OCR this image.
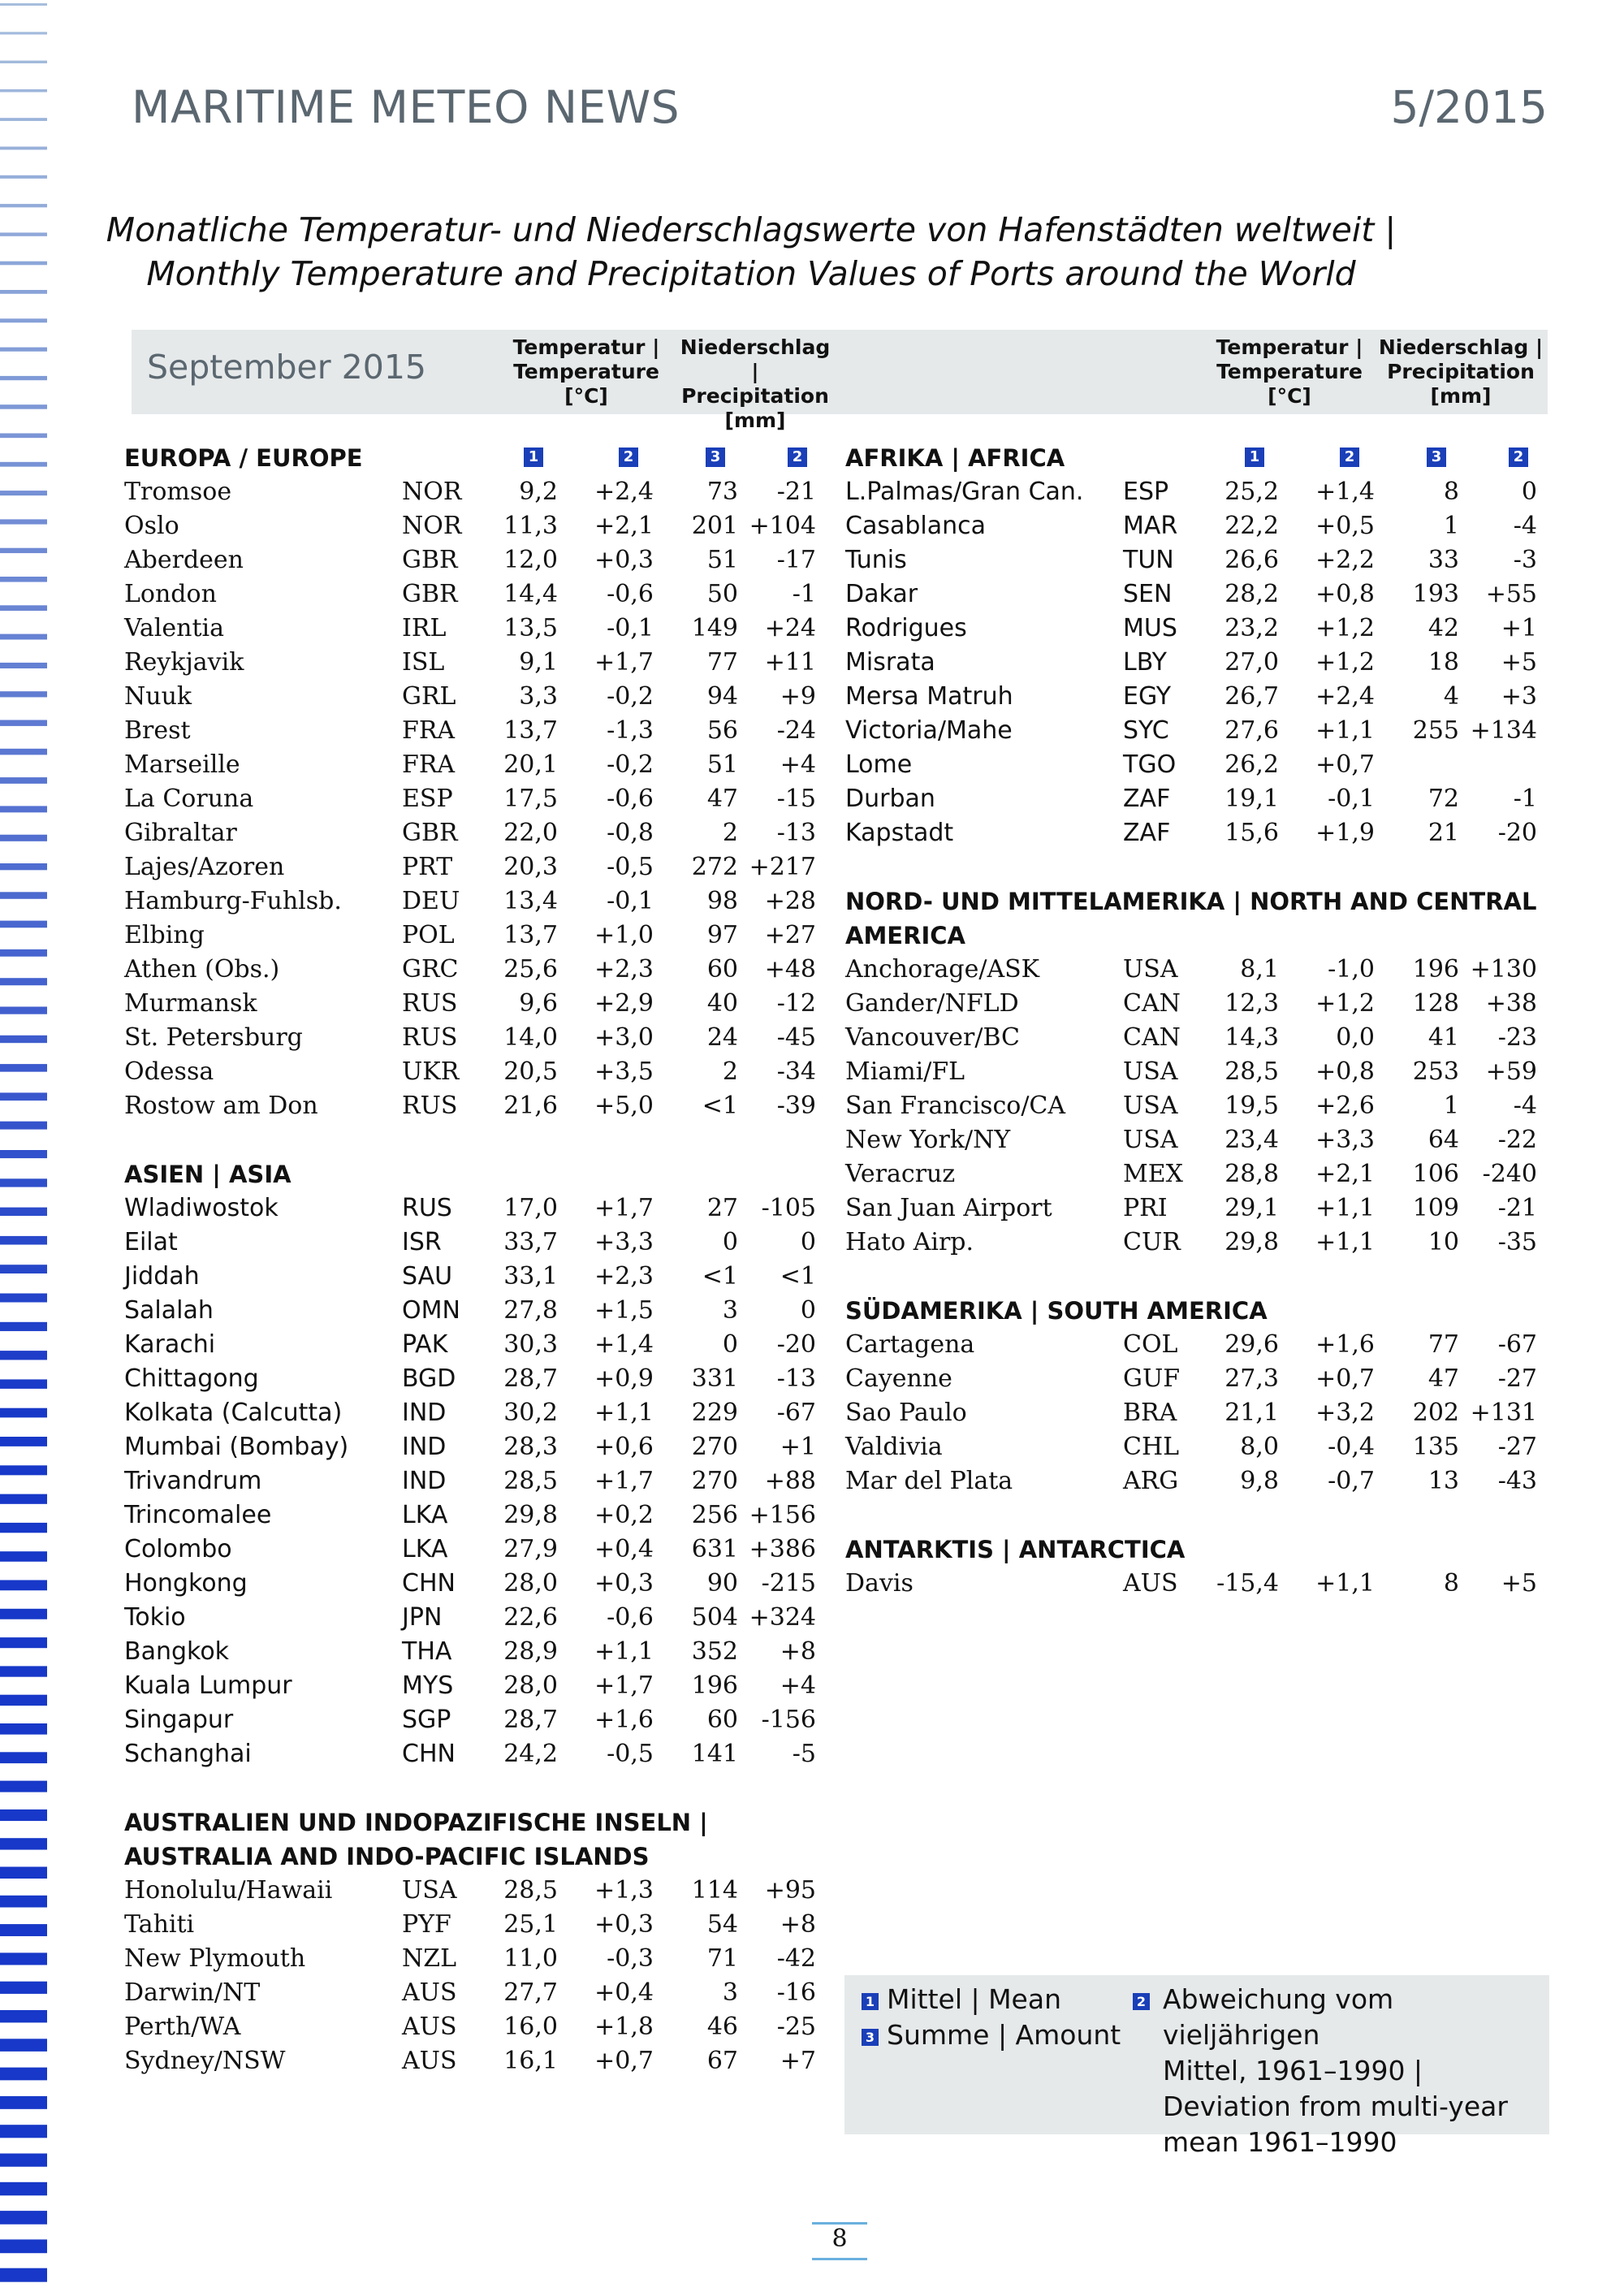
MARITIME METEO NEWS	5/2015
Monatliche Temperatur- und Niederschlagswerte von Hafenstädten weltweit |
Monthly Temperature and Precipitation Values of Ports around the World
September 2015
Temperatur |
Temperature
[°C]
Niederschlag |
Precipitation
[mm]
Temperatur |
Temperature
[°C]
Niederschlag |
Precipitation
[mm]
EUROPA / EUROPE	1	2	3	2
Tromsoe	NOR	9,2	+2,4	73	-21
Oslo	NOR	11,3	+2,1	201 +104
Aberdeen	GBR	12,0	+0,3	51	-17
London	GBR	14,4	-0,6	50	-1
Valentia	IRL	13,5	-0,1	149	+24
Reykjavik	ISL	9,1	+1,7	77	+11
Nuuk	GRL	3,3	-0,2	94	+9
Brest	FRA	13,7	-1,3	56	-24
Marseille	FRA	20,1	-0,2	51	+4
La Coruna	ESP	17,5	-0,6	47	-15
Gibraltar	GBR	22,0	-0,8	2	-13
Lajes/Azoren	PRT	20,3	-0,5	272 +217
Hamburg-Fuhlsb. DEU	13,4	-0,1	98	+28
Elbing	POL	13,7	+1,0	97	+27
Athen (Obs.)	GRC	25,6	+2,3	60	+48
Murmansk	RUS	9,6	+2,9	40	-12
St. Petersburg	RUS	14,0	+3,0	24	-45
Odessa	UKR	20,5	+3,5	2	-34
Rostow am Don	RUS	21,6	+5,0	<1	-39
ASIEN | ASIA
Wladiwostok	RUS	17,0	+1,7	27 -105
Eilat	ISR	33,7	+3,3	0	0
Jiddah	SAU	33,1	+2,3	<1	<1
Salalah	OMN	27,8	+1,5	3	0
Karachi	PAK	30,3	+1,4	0	-20
Chittagong	BGD	28,7	+0,9	331	-13
Kolkata (Calcutta) IND	30,2	+1,1	229	-67
Mumbai (Bombay) IND	28,3	+0,6	270	+1
Trivandrum	IND	28,5	+1,7	270	+88
Trincomalee	LKA	29,8	+0,2	256 +156
Colombo	LKA	27,9	+0,4	631 +386
Hongkong	CHN	28,0	+0,3	90 -215
Tokio	JPN	22,6	-0,6	504 +324
Bangkok	THA	28,9	+1,1	352	+8
Kuala Lumpur	MYS	28,0	+1,7	196	+4
Singapur	SGP	28,7	+1,6	60 -156
Schanghai	CHN	24,2	-0,5	141	-5
AUSTRALIEN UND INDOPAZIFISCHE INSELN |
AUSTRALIA AND INDO-PACIFIC ISLANDS
Honolulu/Hawaii	USA	28,5	+1,3	114	+95
Tahiti	PYF	25,1	+0,3	54	+8
New Plymouth	NZL	11,0	-0,3	71	-42
Darwin/NT	AUS	27,7	+0,4	3	-16
Perth/WA	AUS	16,0	+1,8	46	-25
Sydney/NSW	AUS	16,1	+0,7	67	+7
AFRIKA | AFRICA	1	2	3	2
L.Palmas/Gran Can. ESP	25,2	+1,4	8	0
Casablanca	MAR	22,2	+0,5	1	-4
Tunis	TUN	26,6	+2,2	33	-3
Dakar	SEN	28,2	+0,8	193	+55
Rodrigues	MUS	23,2	+1,2	42	+1
Misrata	LBY	27,0	+1,2	18	+5
Mersa Matruh	EGY	26,7	+2,4	4	+3
Victoria/Mahe	SYC	27,6	+1,1	255 +134
Lome	TGO	26,2	+0,7
Durban	ZAF	19,1	-0,1	72	-1
Kapstadt	ZAF	15,6	+1,9	21	-20
NORD- UND MITTELAMERIKA | NORTH AND CENTRAL
AMERICA
Anchorage/ASK	USA	8,1	-1,0	196 +130
Gander/NFLD	CAN	12,3	+1,2	128	+38
Vancouver/BC	CAN	14,3	0,0	41	-23
Miami/FL	USA	28,5	+0,8	253	+59
San Francisco/CA USA	19,5	+2,6	1	-4
New York/NY	USA	23,4	+3,3	64	-22
Veracruz	MEX	28,8	+2,1	106 -240
San Juan Airport	PRI	29,1	+1,1	109	-21
Hato Airp.	CUR	29,8	+1,1	10	-35
SÜDAMERIKA | SOUTH AMERICA
Cartagena	COL	29,6	+1,6	77	-67
Cayenne	GUF	27,3	+0,7	47	-27
Sao Paulo	BRA	21,1	+3,2	202 +131
Valdivia	CHL	8,0	-0,4	135	-27
Mar del Plata	ARG	9,8	-0,7	13	-43
ANTARKTIS | ANTARCTICA
Davis	AUS	-15,4	+1,1	8	+5
1 Mittel | Mean
3 Summe | Amount
2 Abweichung vom vieljährigen
Mittel, 1961–1990 |
Deviation from multi-year
mean 1961–1990
8
